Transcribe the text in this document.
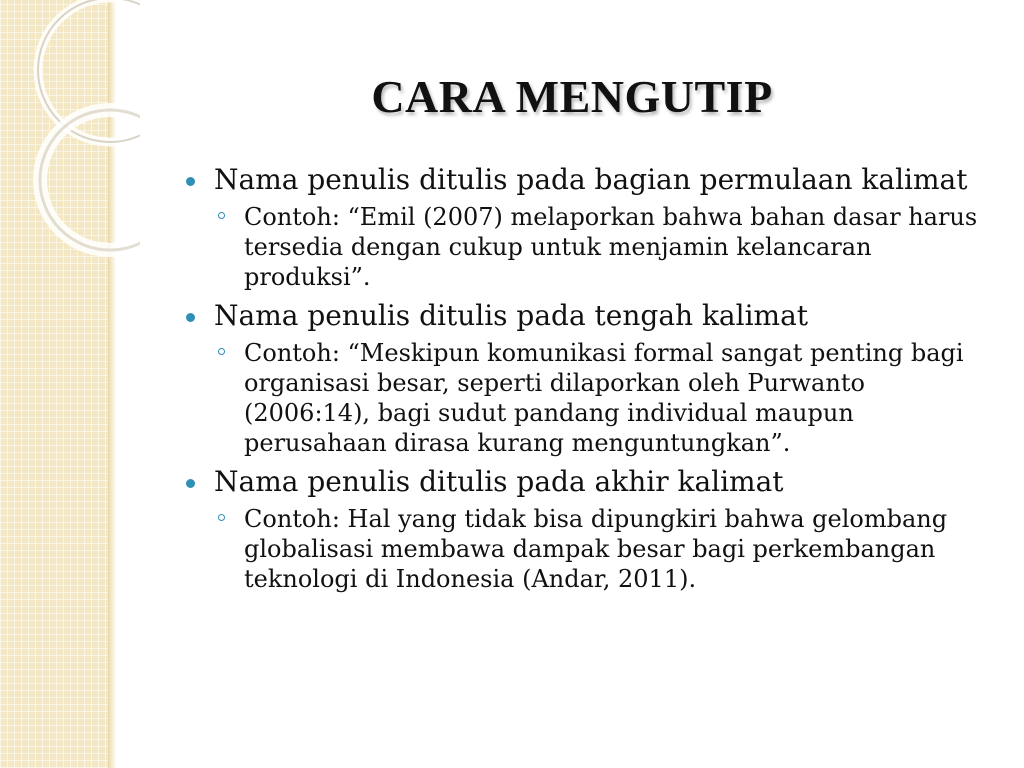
CARA MENGUTIP
Nama penulis ditulis pada bagian permulaan kalimat
Contoh: “Emil (2007) melaporkan bahwa bahan dasar harus tersedia dengan cukup untuk menjamin kelancaran produksi”.
Nama penulis ditulis pada tengah kalimat
Contoh: “Meskipun komunikasi formal sangat penting bagi organisasi besar, seperti dilaporkan oleh Purwanto (2006:14), bagi sudut pandang individual maupun perusahaan dirasa kurang menguntungkan”.
Nama penulis ditulis pada akhir kalimat
Contoh: Hal yang tidak bisa dipungkiri bahwa gelombang globalisasi membawa dampak besar bagi perkembangan teknologi di Indonesia (Andar, 2011).
